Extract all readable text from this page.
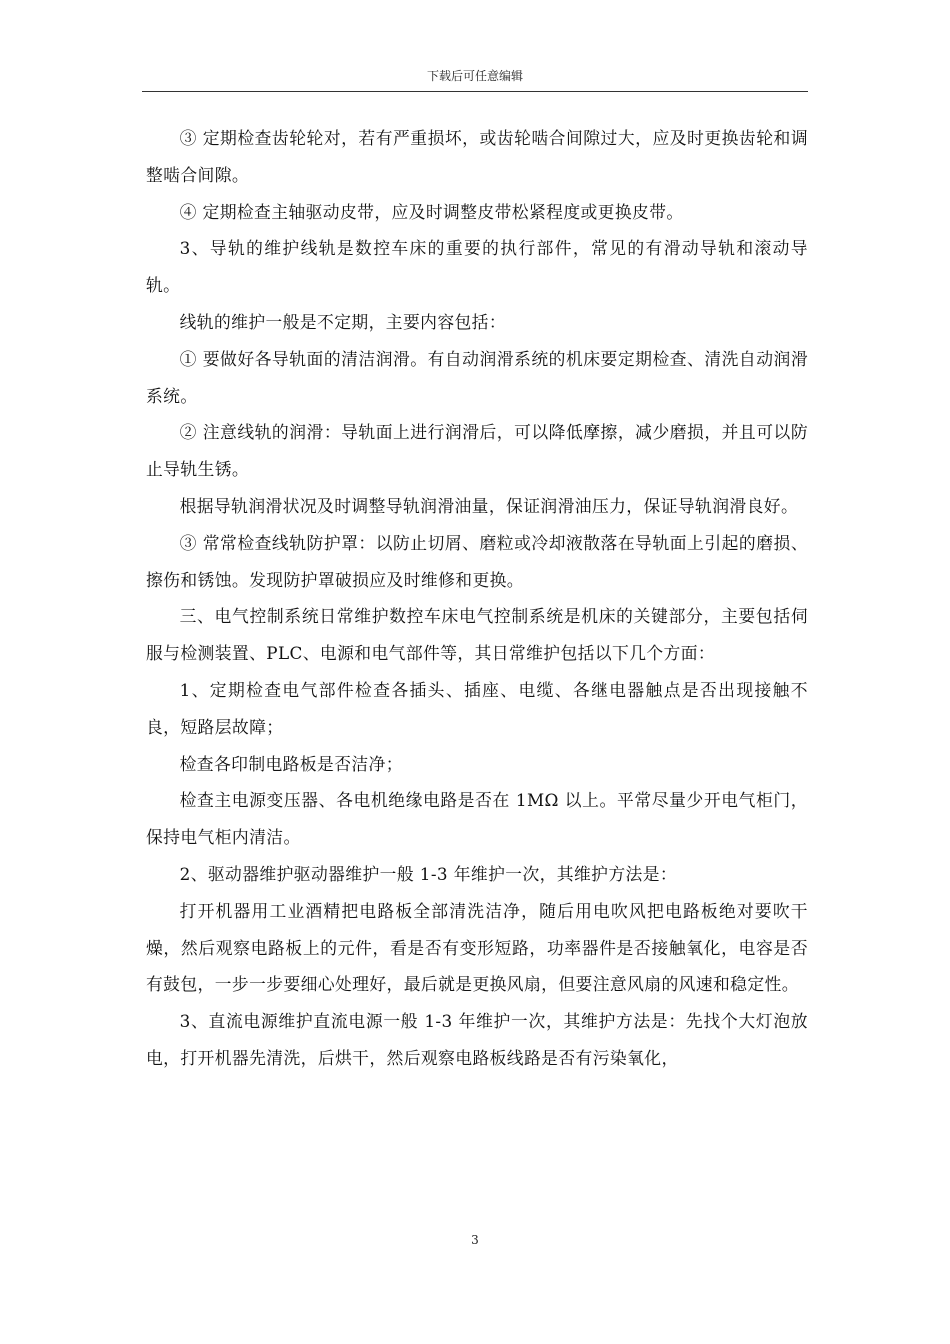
下载后可任意编辑

③ 定期检查齿轮轮对，若有严重损坏，或齿轮啮合间隙过大，应及时更换齿轮和调整啮合间隙。

④ 定期检查主轴驱动皮带，应及时调整皮带松紧程度或更换皮带。

3、导轨的维护线轨是数控车床的重要的执行部件，常见的有滑动导轨和滚动导轨。

线轨的维护一般是不定期，主要内容包括：

① 要做好各导轨面的清洁润滑。有自动润滑系统的机床要定期检查、清洗自动润滑系统。

② 注意线轨的润滑：导轨面上进行润滑后，可以降低摩擦，减少磨损，并且可以防止导轨生锈。

根据导轨润滑状况及时调整导轨润滑油量，保证润滑油压力，保证导轨润滑良好。

③ 常常检查线轨防护罩：以防止切屑、磨粒或冷却液散落在导轨面上引起的磨损、擦伤和锈蚀。发现防护罩破损应及时维修和更换。

三、电气控制系统日常维护数控车床电气控制系统是机床的关键部分，主要包括伺服与检测装置、PLC、电源和电气部件等，其日常维护包括以下几个方面：

1、定期检查电气部件检查各插头、插座、电缆、各继电器触点是否出现接触不良，短路层故障；

检查各印制电路板是否洁净；

检查主电源变压器、各电机绝缘电路是否在 1MΩ 以上。平常尽量少开电气柜门，保持电气柜内清洁。

2、驱动器维护驱动器维护一般 1-3 年维护一次，其维护方法是：

打开机器用工业酒精把电路板全部清洗洁净，随后用电吹风把电路板绝对要吹干燥，然后观察电路板上的元件，看是否有变形短路，功率器件是否接触氧化，电容是否有鼓包，一步一步要细心处理好，最后就是更换风扇，但要注意风扇的风速和稳定性。

3、直流电源维护直流电源一般 1-3 年维护一次，其维护方法是：先找个大灯泡放电，打开机器先清洗，后烘干，然后观察电路板线路是否有污染氧化，

3
